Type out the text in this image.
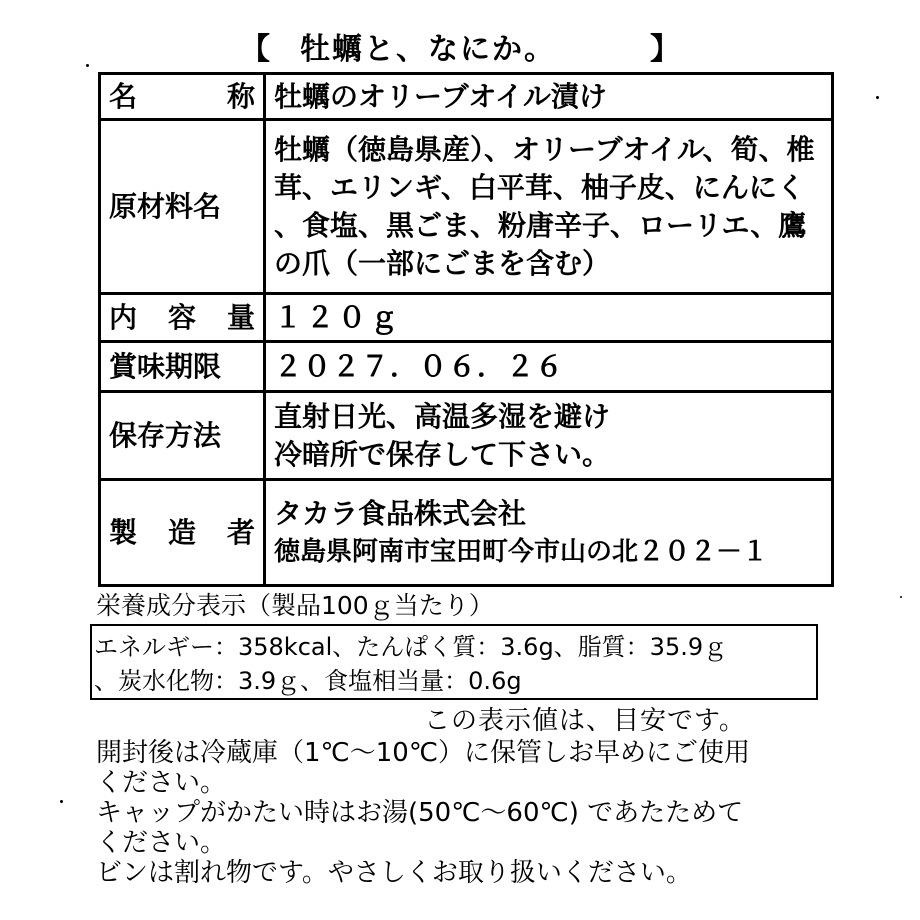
【 牡蠣と、なにか。	】
名 称	牡蠣のオリーブオイル漬け
原材料名	牡蠣（徳島県産）、オリーブオイル、筍、椎
茸、エリンギ、白平茸、柚子皮、にんにく
、食塩、黒ごま、粉唐辛子、ローリエ、鷹
の爪（一部にごまを含む）

内 容 量	１２０ｇ
賞味期限	２０２７．０６．２６
保存方法	直射日光、高温多湿を避け
冷暗所で保存して下さい。

製 造 者	タカラ食品株式会社
徳島県阿南市宝田町今市山の北２０２－１
栄養成分表示（製品100ｇ当たり）
エネルギー：358kcal、たんぱく質：3.6g、脂質：35.9ｇ
、炭水化物：3.9ｇ、食塩相当量：0.6g
この表示値は、目安です。
開封後は冷蔵庫（1℃～10℃）に保管しお早めにご使用
ください。
キャップがかたい時はお湯(50℃～60℃) であたためて
ください。
ビンは割れ物です。やさしくお取り扱いください。
